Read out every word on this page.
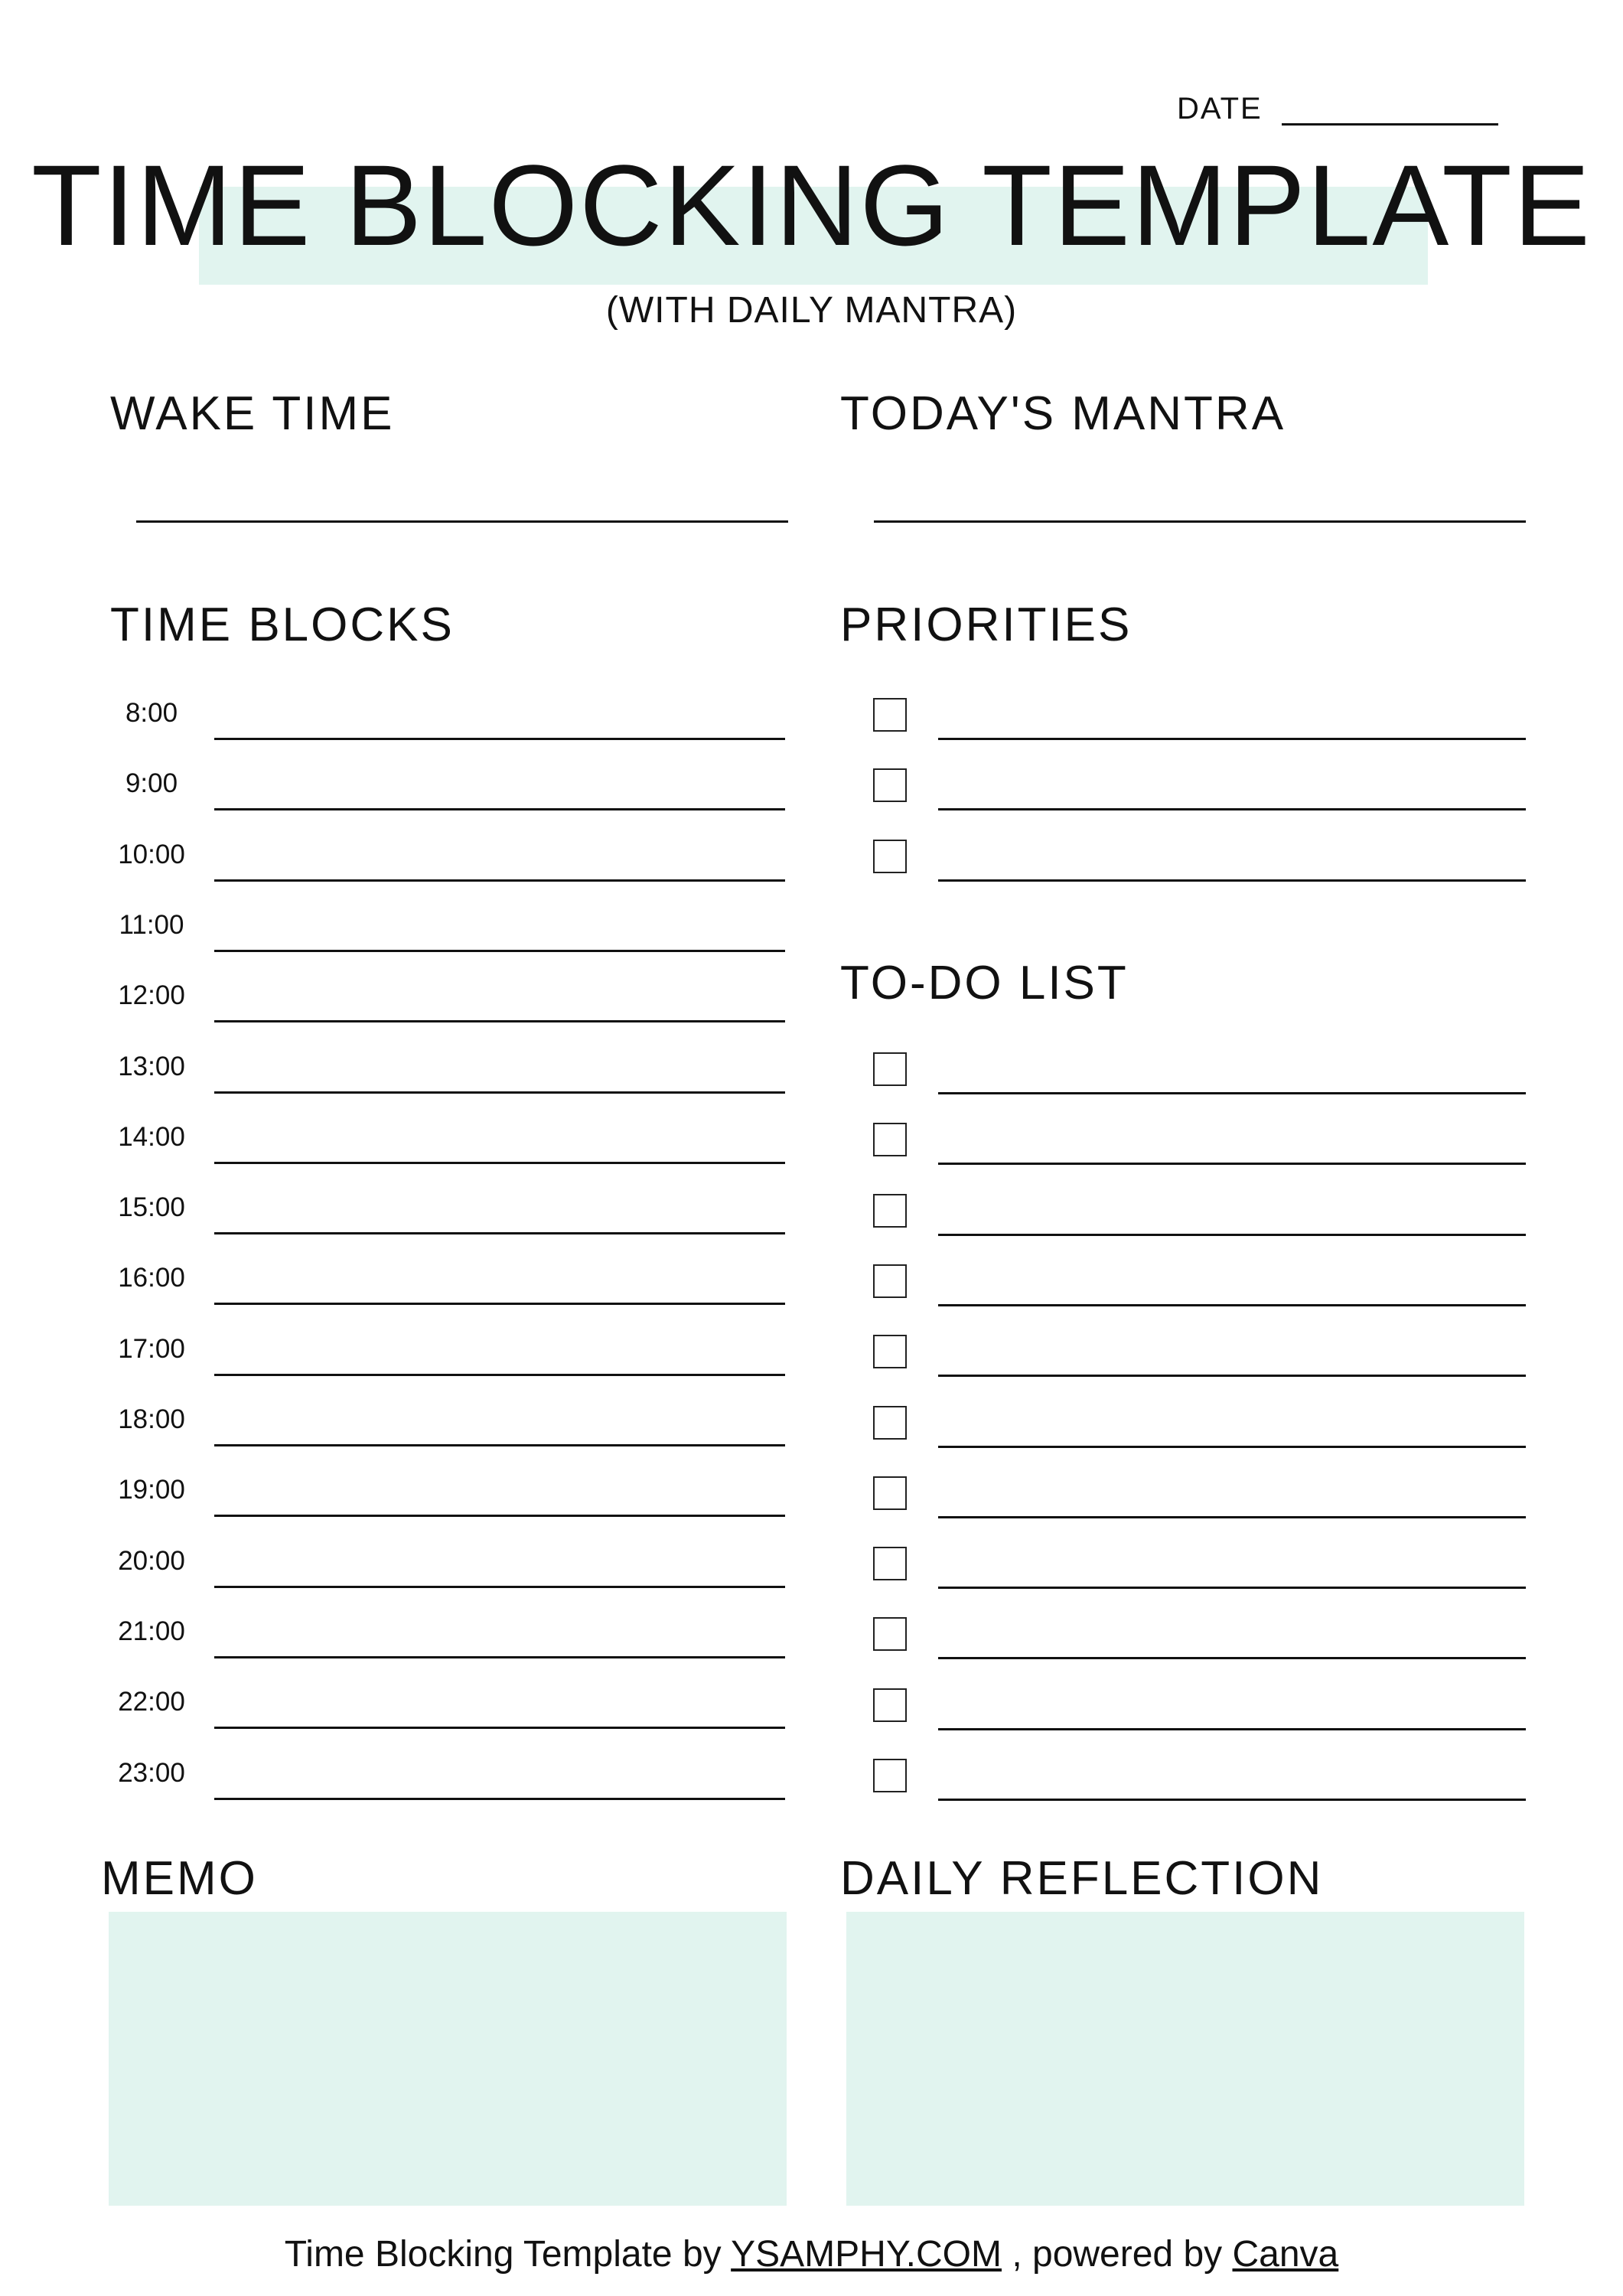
DATE
TIME BLOCKING TEMPLATE
(WITH DAILY MANTRA)
WAKE TIME	TODAY'S MANTRA
TIME BLOCKS	PRIORITIES
8:00
9:00
10:00
11:00
12:00
13:00
14:00
15:00
16:00
17:00
18:00
19:00
20:00
21:00
22:00
23:00
TO-DO LIST
MEMO	DAILY REFLECTION
Time Blocking Template by YSAMPHY.COM , powered by Canva
